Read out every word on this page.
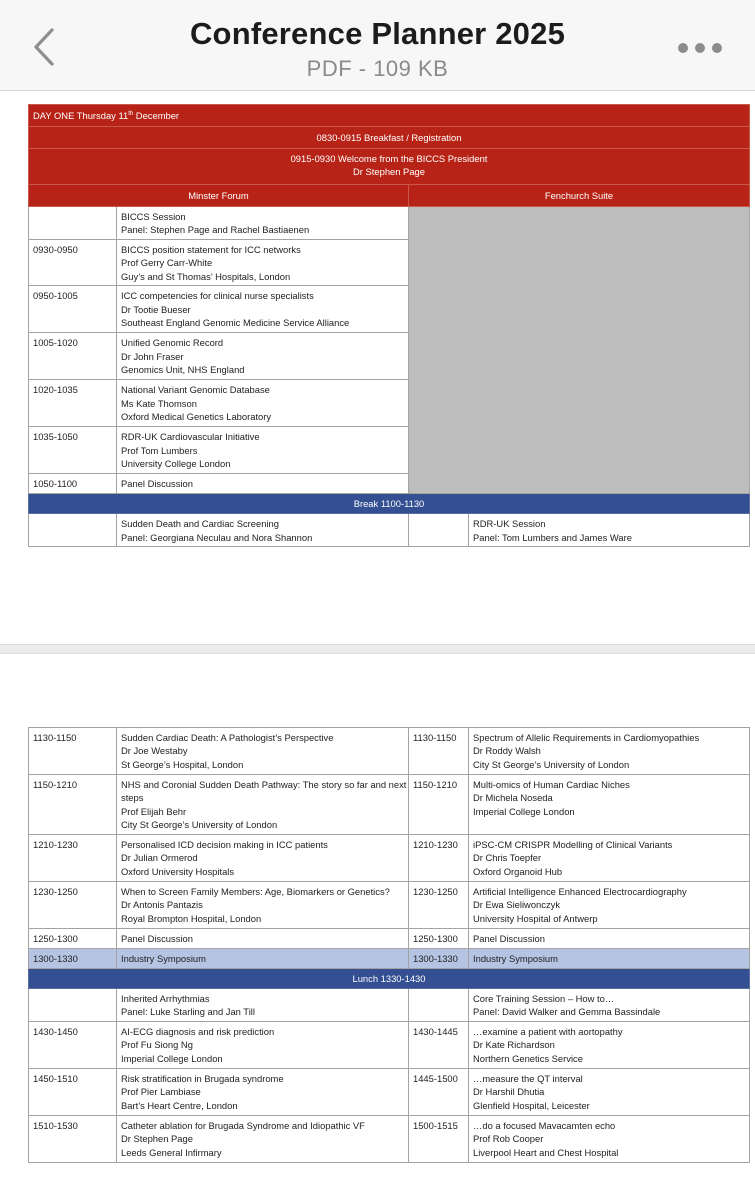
Conference Planner 2025
PDF - 109 KB
DAY ONE Thursday 11th December			
0830-0915 Breakfast / Registration			

0915-0930 Welcome from the BICCS President
Dr Stephen Page			

Minster Forum		Fenchurch Suite	

	BICCS Session
Panel: Stephen Page and Rachel Bastiaenen		

0930-0950	BICCS position statement for ICC networks
Prof Gerry Carr-White
Guy’s and St Thomas’ Hospitals, London		

0950-1005	ICC competencies for clinical nurse specialists
Dr Tootie Bueser
Southeast England Genomic Medicine Service Alliance		

1005-1020	Unified Genomic Record
Dr John Fraser
Genomics Unit, NHS England		

1020-1035	National Variant Genomic Database
Ms Kate Thomson
Oxford Medical Genetics Laboratory		

1035-1050	RDR-UK Cardiovascular Initiative
Prof Tom Lumbers
University College London		

1050-1100	Panel Discussion		
Break 1100-1130			

	Sudden Death and Cardiac Screening
Panel: Georgiana Neculau and Nora Shannon		RDR-UK Session
Panel: Tom Lumbers and James Ware
1130-1150	Sudden Cardiac Death: A Pathologist’s Perspective
Dr Joe Westaby
St George’s Hospital, London	1130-1150	Spectrum of Allelic Requirements in Cardiomyopathies
Dr Roddy Walsh
City St George’s University of London

1150-1210	NHS and Coronial Sudden Death Pathway: The story so far and next
steps
Prof Elijah Behr
City St George’s University of London	1150-1210	Multi-omics of Human Cardiac Niches
Dr Michela Noseda
Imperial College London

1210-1230	Personalised ICD decision making in ICC patients
Dr Julian Ormerod
Oxford University Hospitals	1210-1230	iPSC-CM CRISPR Modelling of Clinical Variants
Dr Chris Toepfer
Oxford Organoid Hub

1230-1250	When to Screen Family Members: Age, Biomarkers or Genetics?
Dr Antonis Pantazis
Royal Brompton Hospital, London	1230-1250	Artificial Intelligence Enhanced Electrocardiography
Dr Ewa Sieliwonczyk
University Hospital of Antwerp

1250-1300	Panel Discussion	1250-1300	Panel Discussion
1300-1330	Industry Symposium	1300-1330	Industry Symposium
Lunch 1330-1430			

	Inherited Arrhythmias
Panel: Luke Starling and Jan Till		Core Training Session – How to…
Panel: David Walker and Gemma Bassindale

1430-1450	AI-ECG diagnosis and risk prediction
Prof Fu Siong Ng
Imperial College London	1430-1445	…examine a patient with aortopathy
Dr Kate Richardson
Northern Genetics Service

1450-1510	Risk stratification in Brugada syndrome
Prof Pier Lambiase
Bart’s Heart Centre, London	1445-1500	…measure the QT interval
Dr Harshil Dhutia
Glenfield Hospital, Leicester

1510-1530	Catheter ablation for Brugada Syndrome and Idiopathic VF
Dr Stephen Page
Leeds General Infirmary	1500-1515	…do a focused Mavacamten echo
Prof Rob Cooper
Liverpool Heart and Chest Hospital
